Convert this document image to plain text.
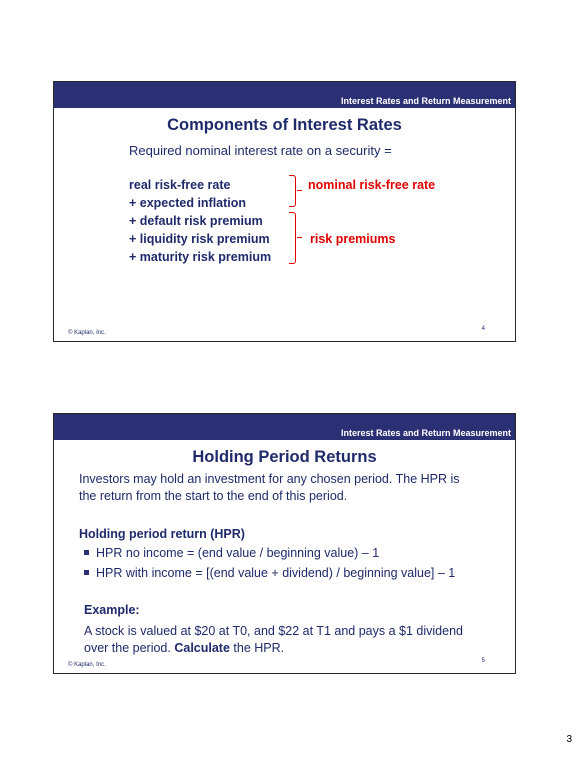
Interest Rates and Return Measurement
Components of Interest Rates
Required nominal interest rate on a security =
real risk-free rate
+ expected inflation
+ default risk premium
+ liquidity risk premium
+ maturity risk premium
nominal risk-free rate
risk premiums
© Kaplan, Inc.
4
Interest Rates and Return Measurement
Holding Period Returns
Investors may hold an investment for any chosen period. The HPR is
the return from the start to the end of this period.
Holding period return (HPR)
HPR no income = (end value / beginning value) – 1
HPR with income = [(end value + dividend) / beginning value] – 1
Example:
A stock is valued at $20 at T0, and $22 at T1 and pays a $1 dividend
over the period. Calculate the HPR.
© Kaplan, Inc.
5
3
